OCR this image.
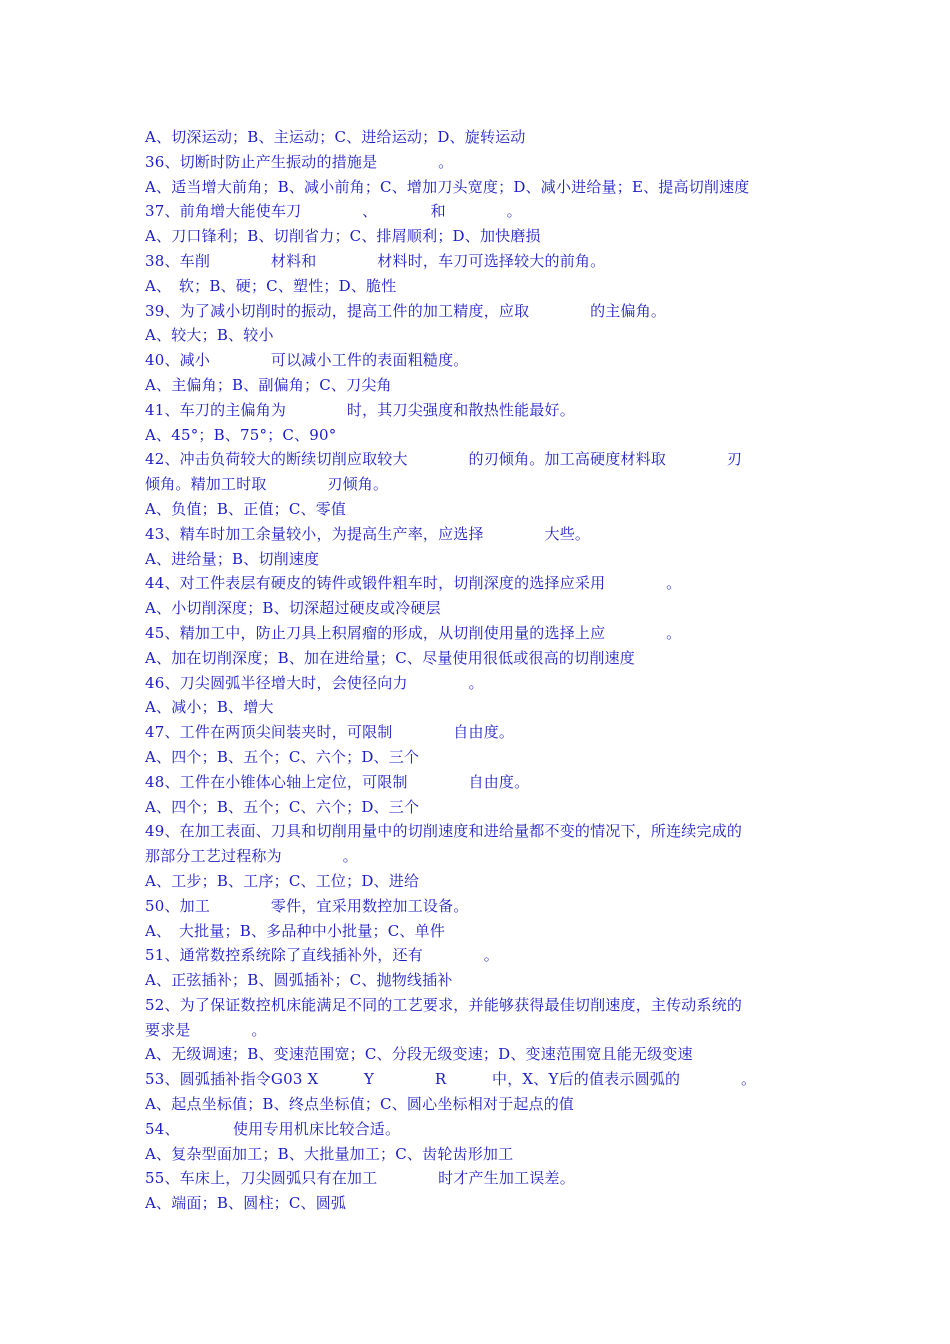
A、切深运动；B、主运动；C、进给运动；D、旋转运动
36、切断时防止产生振动的措施是　　　　。
A、适当增大前角；B、减小前角；C、增加刀头宽度；D、减小进给量；E、提高切削速度
37、前角增大能使车刀　　　　、　　　　和　　　　。
A、刀口锋利；B、切削省力；C、排屑顺利；D、加快磨损
38、车削　　　　材料和　　　　材料时，车刀可选择较大的前角。
A、　软；B、硬；C、塑性；D、脆性
39、为了减小切削时的振动，提高工件的加工精度，应取　　　　的主偏角。
A、较大；B、较小
40、减小　　　　可以减小工件的表面粗糙度。
A、主偏角；B、副偏角；C、刀尖角
41、车刀的主偏角为　　　　时，其刀尖强度和散热性能最好。
A、45°；B、75°；C、90°
42、冲击负荷较大的断续切削应取较大　　　　的刃倾角。加工高硬度材料取　　　　刃
倾角。精加工时取　　　　刃倾角。
A、负值；B、正值；C、零值
43、精车时加工余量较小，为提高生产率，应选择　　　　大些。
A、进给量；B、切削速度
44、对工件表层有硬皮的铸件或锻件粗车时，切削深度的选择应采用　　　　。
A、小切削深度；B、切深超过硬皮或冷硬层
45、精加工中，防止刀具上积屑瘤的形成，从切削使用量的选择上应　　　　。
A、加在切削深度；B、加在进给量；C、尽量使用很低或很高的切削速度
46、刀尖圆弧半径增大时，会使径向力　　　　。
A、减小；B、增大
47、工件在两顶尖间装夹时，可限制　　　　自由度。
A、四个；B、五个；C、六个；D、三个
48、工件在小锥体心轴上定位，可限制　　　　自由度。
A、四个；B、五个；C、六个；D、三个
49、在加工表面、刀具和切削用量中的切削速度和进给量都不变的情况下，所连续完成的
那部分工艺过程称为　　　　。
A、工步；B、工序；C、工位；D、进给
50、加工　　　　零件，宜采用数控加工设备。
A、　大批量；B、多品种中小批量；C、单件
51、通常数控系统除了直线插补外，还有　　　　。
A、正弦插补；B、圆弧插补；C、抛物线插补
52、为了保证数控机床能满足不同的工艺要求，并能够获得最佳切削速度，主传动系统的
要求是　　　　。
A、无级调速；B、变速范围宽；C、分段无级变速；D、变速范围宽且能无级变速
53、圆弧插补指令G03 X　　　Y　　　　R　　　中，X、Y后的值表示圆弧的　　　　。
A、起点坐标值；B、终点坐标值；C、圆心坐标相对于起点的值
54、　　　　使用专用机床比较合适。
A、复杂型面加工；B、大批量加工；C、齿轮齿形加工
55、车床上，刀尖圆弧只有在加工　　　　时才产生加工误差。
A、端面；B、圆柱；C、圆弧
